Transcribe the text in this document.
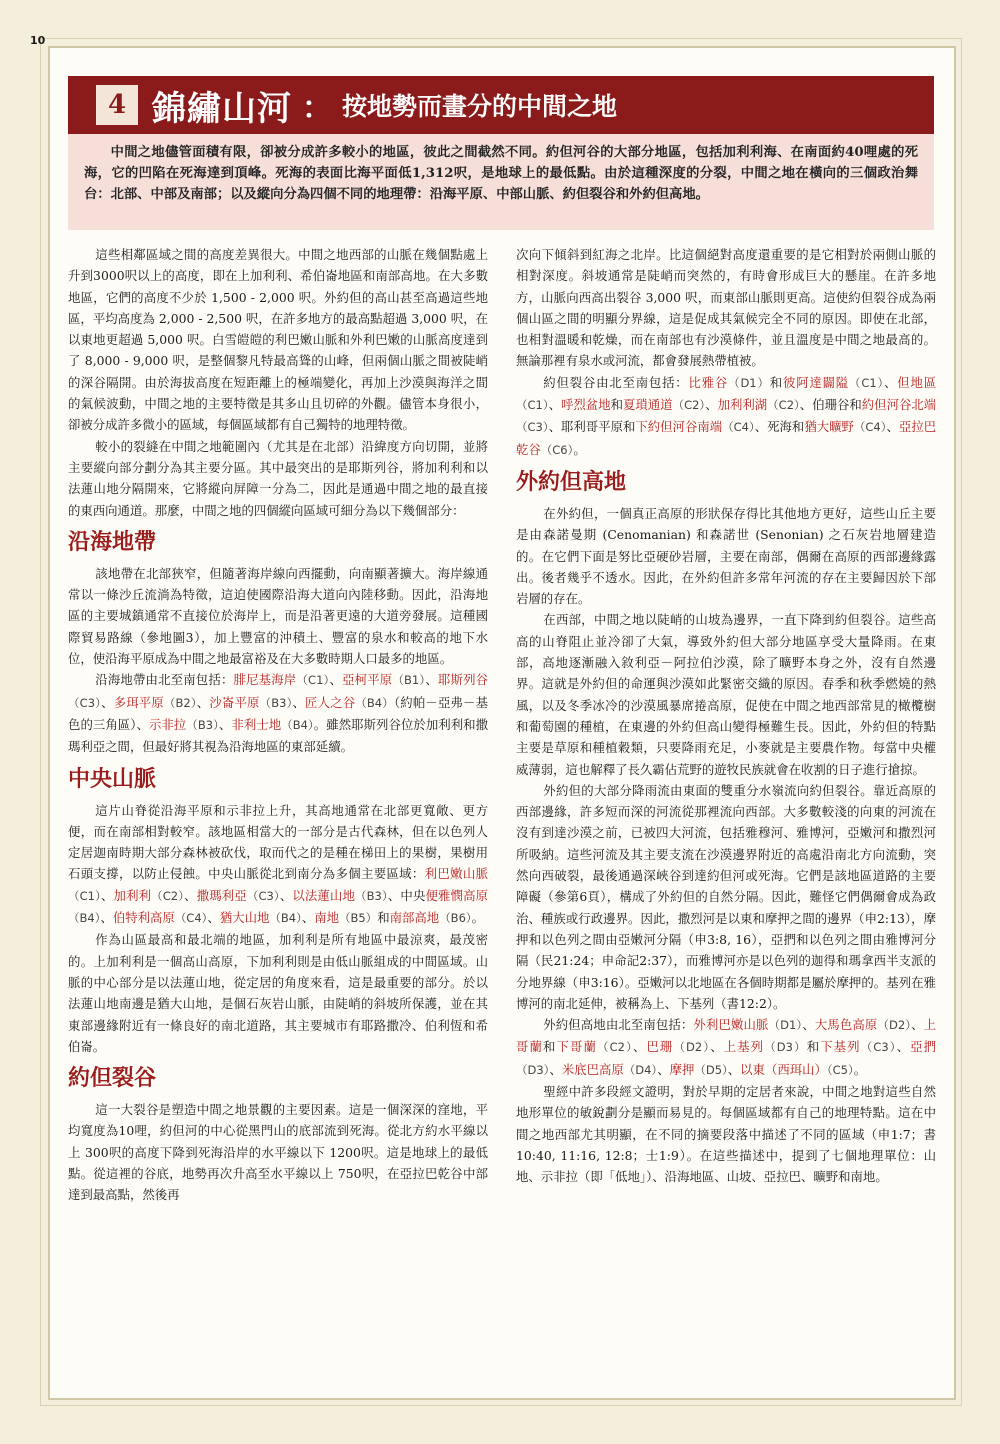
10
4 錦繡山河 ： 按地勢而畫分的中間之地
中間之地儘管面積有限，卻被分成許多較小的地區，彼此之間截然不同。約但河谷的大部分地區，包括加利利海、在南面約40哩處的死海，它的凹陷在死海達到頂峰。死海的表面比海平面低1,312呎，是地球上的最低點。由於這種深度的分裂，中間之地在橫向的三個政治舞台：北部、中部及南部；以及縱向分為四個不同的地理帶：沿海平原、中部山脈、約但裂谷和外約但高地。

這些相鄰區域之間的高度差異很大。中間之地西部的山脈在幾個點處上升到3000呎以上的高度，即在上加利利、希伯崙地區和南部高地。在大多數地區，它們的高度不少於 1,500 - 2,000 呎。外約但的高山甚至高過這些地區，平均高度為 2,000 - 2,500 呎，在許多地方的最高點超過 3,000 呎，在以東地更超過 5,000 呎。白雪皚皚的利巴嫩山脈和外利巴嫩的山脈高度達到了 8,000 - 9,000 呎，是整個黎凡特最高聳的山峰，但兩個山脈之間被陡峭的深谷隔開。由於海拔高度在短距離上的極端變化，再加上沙漠與海洋之間的氣候波動，中間之地的主要特徵是其多山且切碎的外觀。儘管本身很小，卻被分成許多微小的區域，每個區域都有自己獨特的地理特徵。

較小的裂縫在中間之地範圍內（尤其是在北部）沿緯度方向切開，並將主要縱向部分劃分為其主要分區。其中最突出的是耶斯列谷，將加利利和以法蓮山地分隔開來，它將縱向屏障一分為二，因此是通過中間之地的最直接的東西向通道。那麼，中間之地的四個縱向區域可細分為以下幾個部分：

沿海地帶

該地帶在北部狹窄，但隨著海岸線向西擺動，向南顯著擴大。海岸線通常以一條沙丘流淌為特徵，這迫使國際沿海大道向內陸移動。因此，沿海地區的主要城鎮通常不直接位於海岸上，而是沿著更遠的大道旁發展。這種國際貿易路線（參地圖3），加上豐富的沖積土、豐富的泉水和較高的地下水位，使沿海平原成為中間之地最富裕及在大多數時期人口最多的地區。

沿海地帶由北至南包括：腓尼基海岸（C1）、亞柯平原（B1）、耶斯列谷（C3）、多珥平原（B2）、沙崙平原（B3）、匠人之谷（B4）（約帕－亞弗－基色的三角區）、示非拉（B3）、非利士地（B4）。雖然耶斯列谷位於加利利和撒瑪利亞之間，但最好將其視為沿海地區的東部延續。

中央山脈

這片山脊從沿海平原和示非拉上升，其高地通常在北部更寬敞、更方便，而在南部相對較窄。該地區相當大的一部分是古代森林，但在以色列人定居迦南時期大部分森林被砍伐，取而代之的是種在梯田上的果樹，果樹用石頭支撐，以防止侵蝕。中央山脈從北到南分為多個主要區域：利巴嫩山脈（C1）、加利利（C2）、撒瑪利亞（C3）、以法蓮山地（B3）、中央便雅憫高原（B4）、伯特利高原（C4）、猶大山地（B4）、南地（B5）和南部高地（B6）。

作為山區最高和最北端的地區，加利利是所有地區中最涼爽，最茂密的。上加利利是一個高山高原，下加利利則是由低山脈組成的中間區域。山脈的中心部分是以法蓮山地，從定居的角度來看，這是最重要的部分。於以法蓮山地南邊是猶大山地，是個石灰岩山脈，由陡峭的斜坡所保護，並在其東部邊緣附近有一條良好的南北道路，其主要城市有耶路撒冷、伯利恆和希伯崙。

約但裂谷

這一大裂谷是塑造中間之地景觀的主要因素。這是一個深深的窪地，平均寬度為10哩，約但河的中心從黑門山的底部流到死海。從北方約水平線以上 300呎的高度下降到死海沿岸的水平線以下 1200呎。這是地球上的最低點。從這裡的谷底，地勢再次升高至水平線以上 750呎，在亞拉巴乾谷中部達到最高點，然後再

次向下傾斜到紅海之北岸。比這個絕對高度還重要的是它相對於兩側山脈的相對深度。斜坡通常是陡峭而突然的，有時會形成巨大的懸崖。在許多地方，山脈向西高出裂谷 3,000 呎，而東部山脈則更高。這使約但裂谷成為兩個山區之間的明顯分界線，這是促成其氣候完全不同的原因。即使在北部，也相對溫暖和乾燥，而在南部也有沙漠條件，並且溫度是中間之地最高的。無論那裡有泉水或河流，都會發展熱帶植被。

約但裂谷由北至南包括：比雅谷（D1）和彼阿達闢隘（C1）、但地區（C1）、呼烈盆地和夏瑣通道（C2）、加利利湖（C2）、伯珊谷和約但河谷北端（C3）、耶利哥平原和下約但河谷南端（C4）、死海和猶大曠野（C4）、亞拉巴乾谷（C6）。

外約但高地

在外約但，一個真正高原的形狀保存得比其他地方更好，這些山丘主要是由森諾曼期 (Cenomanian) 和森諾世 (Senonian) 之石灰岩地層建造的。在它們下面是努比亞硬砂岩層，主要在南部，偶爾在高原的西部邊緣露出。後者幾乎不透水。因此，在外約但許多常年河流的存在主要歸因於下部岩層的存在。

在西部，中間之地以陡峭的山坡為邊界，一直下降到約但裂谷。這些高高的山脊阻止並冷卻了大氣，導致外約但大部分地區享受大量降雨。在東部，高地逐漸融入敘利亞－阿拉伯沙漠，除了曠野本身之外，沒有自然邊界。這就是外約但的命運與沙漠如此緊密交織的原因。春季和秋季燃燒的熱風，以及冬季冰冷的沙漠風暴席捲高原，促使在中間之地西部常見的橄欖樹和葡萄園的種植，在東邊的外約但高山變得極難生長。因此，外約但的特點主要是草原和種植穀類，只要降雨充足，小麥就是主要農作物。每當中央權威薄弱，這也解釋了長久霸佔荒野的遊牧民族就會在收割的日子進行搶掠。

外約但的大部分降雨流由東面的雙重分水嶺流向約但裂谷。靠近高原的西部邊緣，許多短而深的河流從那裡流向西部。大多數較淺的向東的河流在沒有到達沙漠之前，已被四大河流，包括雅穆河、雅博河，亞嫩河和撒烈河所吸納。這些河流及其主要支流在沙漠邊界附近的高處沿南北方向流動，突然向西破裂，最後通過深峽谷到達約但河或死海。它們是該地區道路的主要障礙（參第6頁），構成了外約但的自然分隔。因此，難怪它們偶爾會成為政治、種族或行政邊界。因此，撒烈河是以東和摩押之間的邊界（申2:13），摩押和以色列之間由亞嫩河分隔（申3:8, 16），亞捫和以色列之間由雅博河分隔（民21:24；申命記2:37），而雅博河亦是以色列的迦得和瑪拿西半支派的分地界線（申3:16）。亞嫩河以北地區在各個時期都是屬於摩押的。基列在雅博河的南北延伸，被稱為上、下基列（書12:2）。

外約但高地由北至南包括：外利巴嫩山脈（D1）、大馬色高原（D2）、上哥蘭和下哥蘭（C2）、巴珊（D2）、上基列（D3）和下基列（C3）、亞捫（D3）、米底巴高原（D4）、摩押（D5）、以東（西珥山）（C5）。

聖經中許多段經文證明，對於早期的定居者來說，中間之地對這些自然地形單位的敏銳劃分是顯而易見的。每個區域都有自己的地理特點。這在中間之地西部尤其明顯，在不同的摘要段落中描述了不同的區域（申1:7；書10:40, 11:16, 12:8；士1:9）。在這些描述中，提到了七個地理單位：山地、示非拉（即「低地」）、沿海地區、山坡、亞拉巴、曠野和南地。
